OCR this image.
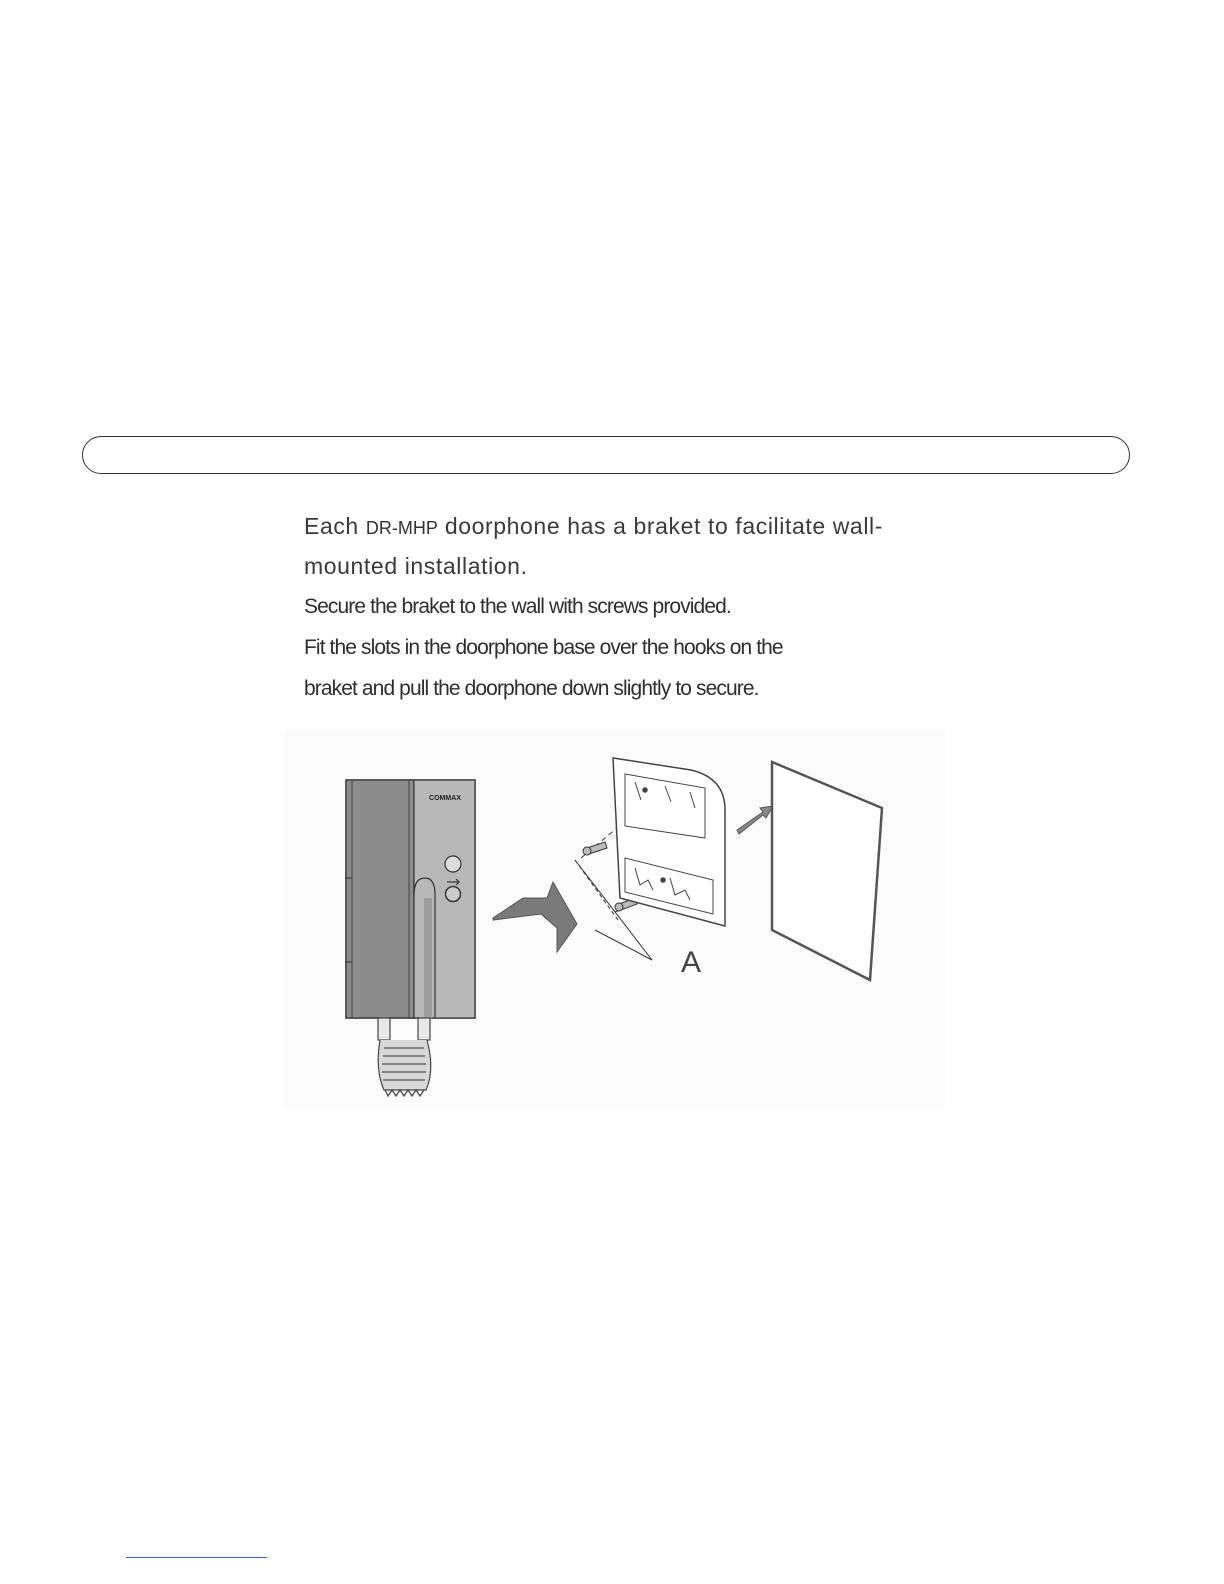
Each DR-MHP doorphone has a braket to facilitate wall-
mounted installation.
Secure the braket to the wall with screws provided.
Fit the slots in the doorphone base over the hooks on the
braket and pull the doorphone down slightly to secure.
COMMAX
A
